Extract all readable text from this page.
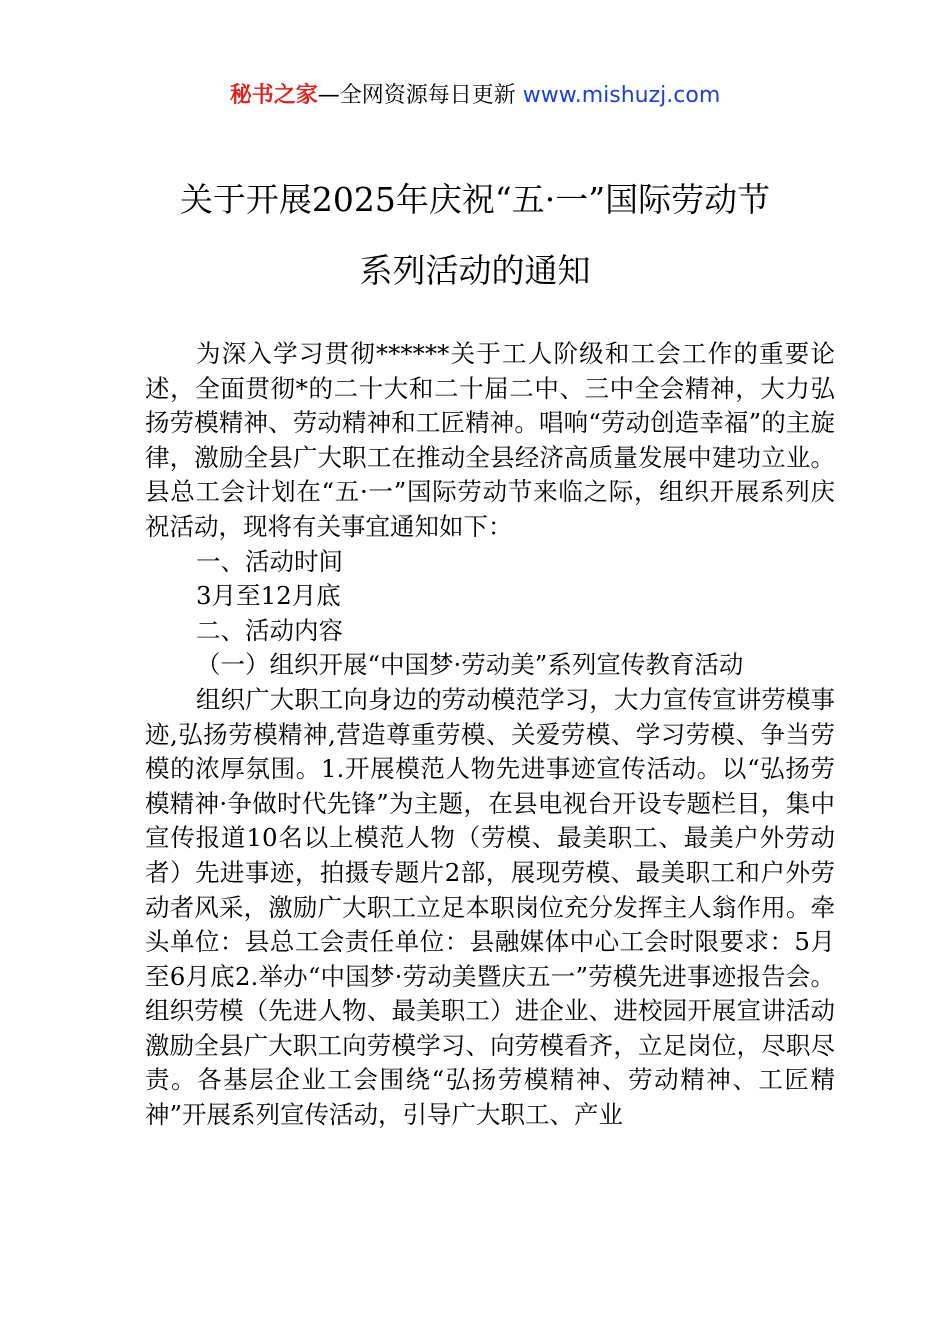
秘书之家—全网资源每日更新 www.mishuzj.com
关于开展2025年庆祝“五·一”国际劳动节
系列活动的通知

为深入学习贯彻******关于工人阶级和工会工作的重要论述，全面贯彻*的二十大和二十届二中、三中全会精神，大力弘扬劳模精神、劳动精神和工匠精神。唱响“劳动创造幸福”的主旋律，激励全县广大职工在推动全县经济高质量发展中建功立业。县总工会计划在“五·一”国际劳动节来临之际，组织开展系列庆祝活动，现将有关事宜通知如下：

一、活动时间

3月至12月底

二、活动内容

（一）组织开展“中国梦·劳动美”系列宣传教育活动

组织广大职工向身边的劳动模范学习，大力宣传宣讲劳模事迹,弘扬劳模精神,营造尊重劳模、关爱劳模、学习劳模、争当劳模的浓厚氛围。1.开展模范人物先进事迹宣传活动。以“弘扬劳模精神·争做时代先锋”为主题，在县电视台开设专题栏目，集中宣传报道10名以上模范人物（劳模、最美职工、最美户外劳动者）先进事迹，拍摄专题片2部，展现劳模、最美职工和户外劳动者风采，激励广大职工立足本职岗位充分发挥主人翁作用。牵头单位：县总工会责任单位：县融媒体中心工会时限要求：5月至6月底2.举办“中国梦·劳动美暨庆五一”劳模先进事迹报告会。组织劳模（先进人物、最美职工）进企业、进校园开展宣讲活动激励全县广大职工向劳模学习、向劳模看齐，立足岗位，尽职尽责。各基层企业工会围绕“弘扬劳模精神、劳动精神、工匠精神”开展系列宣传活动，引导广大职工、产业
